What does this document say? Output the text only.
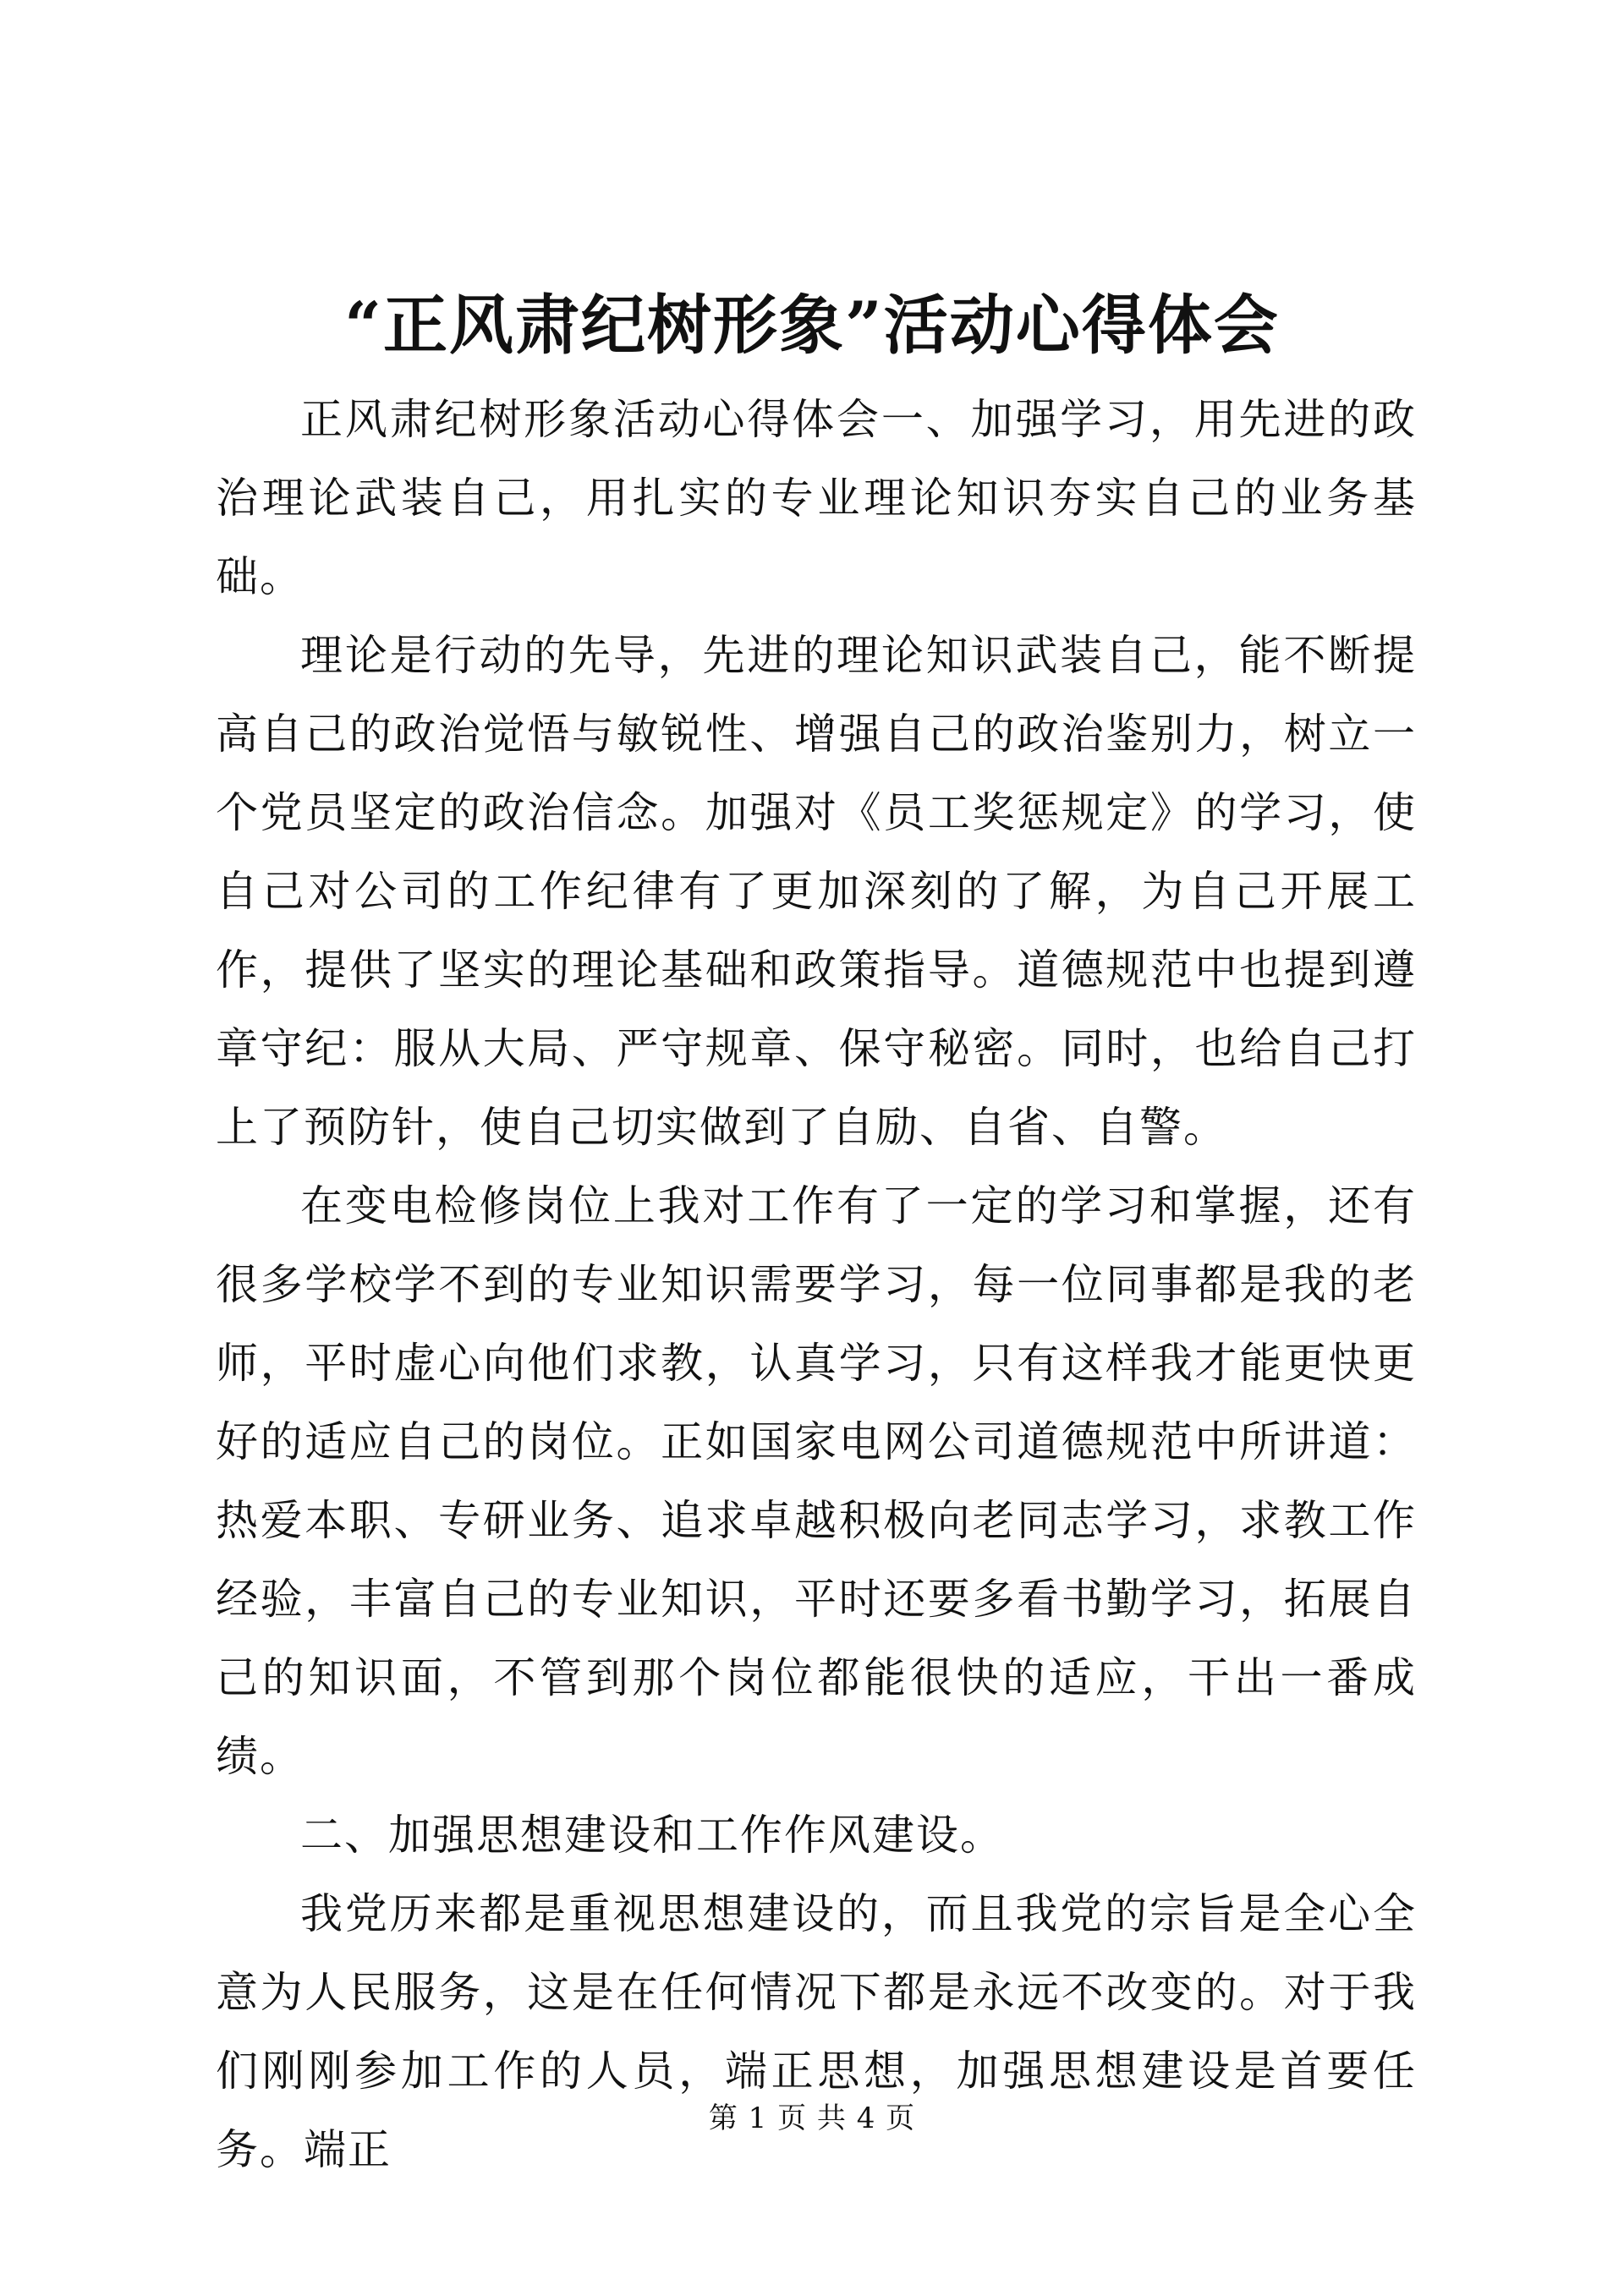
“正风肃纪树形象”活动心得体会

正风肃纪树形象活动心得体会一、加强学习，用先进的政治理论武装自己，用扎实的专业理论知识夯实自己的业务基础。

理论是行动的先导，先进的理论知识武装自己，能不断提高自己的政治觉悟与敏锐性、增强自己的政治鉴别力，树立一个党员坚定的政治信念。加强对《员工奖惩规定》的学习，使自己对公司的工作纪律有了更加深刻的了解，为自己开展工作，提供了坚实的理论基础和政策指导。道德规范中也提到遵章守纪：服从大局、严守规章、保守秘密。同时，也给自己打上了预防针，使自己切实做到了自励、自省、自警。

在变电检修岗位上我对工作有了一定的学习和掌握，还有很多学校学不到的专业知识需要学习，每一位同事都是我的老师，平时虚心向他们求教，认真学习，只有这样我才能更快更好的适应自己的岗位。正如国家电网公司道德规范中所讲道：热爱本职、专研业务、追求卓越积极向老同志学习，求教工作经验，丰富自己的专业知识，平时还要多看书勤学习，拓展自己的知识面，不管到那个岗位都能很快的适应，干出一番成绩。

二、加强思想建设和工作作风建设。

我党历来都是重视思想建设的，而且我党的宗旨是全心全意为人民服务，这是在任何情况下都是永远不改变的。对于我们刚刚参加工作的人员，端正思想，加强思想建设是首要任务。端正

第 1 页 共 4 页
